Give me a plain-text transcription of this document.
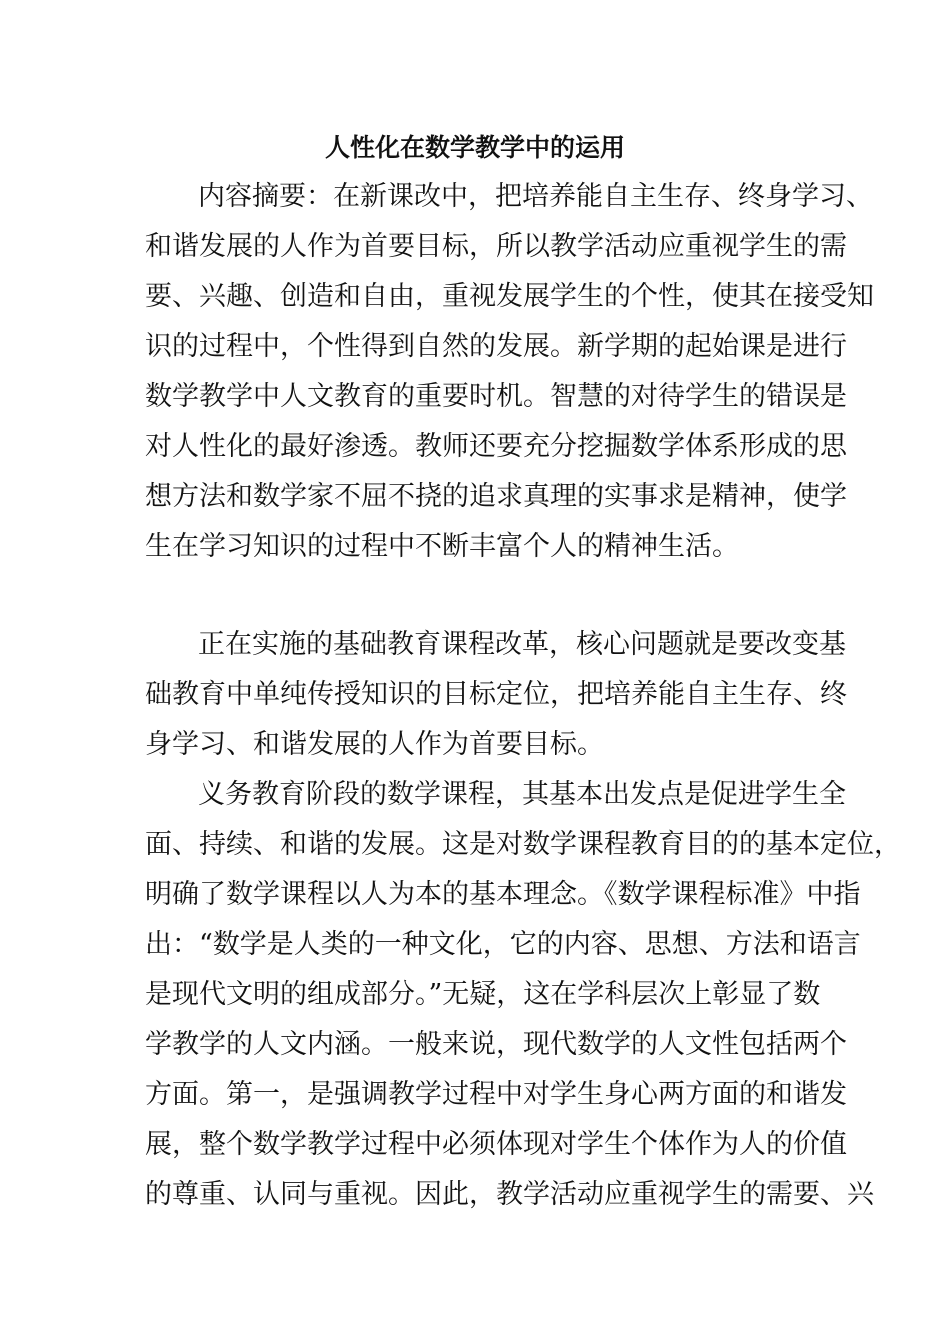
人性化在数学教学中的运用
内容摘要：在新课改中，把培养能自主生存、终身学习、
和谐发展的人作为首要目标，所以教学活动应重视学生的需
要、兴趣、创造和自由，重视发展学生的个性，使其在接受知
识的过程中，个性得到自然的发展。新学期的起始课是进行
数学教学中人文教育的重要时机。智慧的对待学生的错误是
对人性化的最好渗透。教师还要充分挖掘数学体系形成的思
想方法和数学家不屈不挠的追求真理的实事求是精神，使学
生在学习知识的过程中不断丰富个人的精神生活。
正在实施的基础教育课程改革，核心问题就是要改变基
础教育中单纯传授知识的目标定位，把培养能自主生存、终
身学习、和谐发展的人作为首要目标。
义务教育阶段的数学课程，其基本出发点是促进学生全
面、持续、和谐的发展。这是对数学课程教育目的的基本定位，
明确了数学课程以人为本的基本理念。《数学课程标准》中指
出：“数学是人类的一种文化，它的内容、思想、方法和语言
是现代文明的组成部分。”无疑，这在学科层次上彰显了数
学教学的人文内涵。一般来说，现代数学的人文性包括两个
方面。第一，是强调教学过程中对学生身心两方面的和谐发
展，整个数学教学过程中必须体现对学生个体作为人的价值
的尊重、认同与重视。因此，教学活动应重视学生的需要、兴
